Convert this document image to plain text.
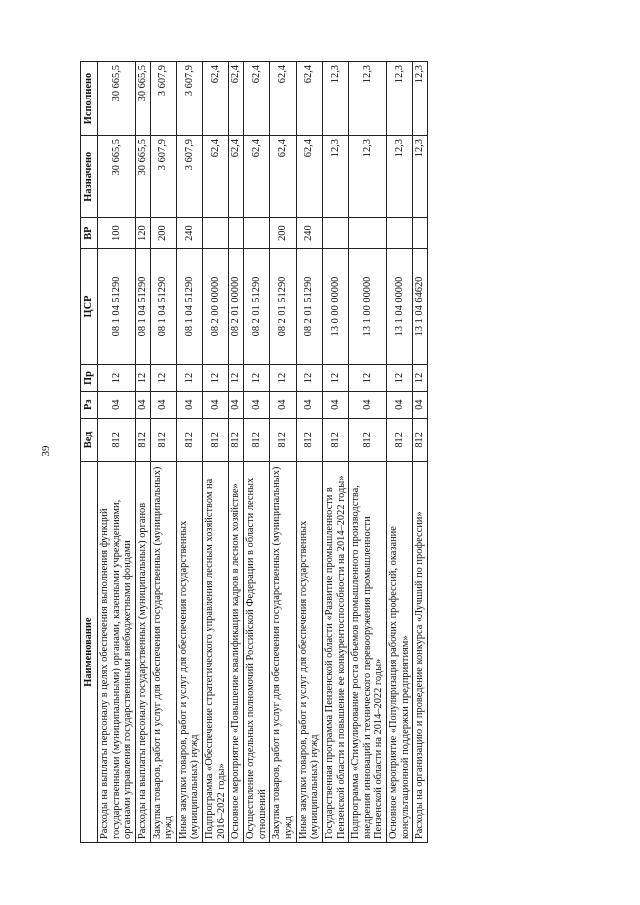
39
Наименование	Вед	Рз	Пр	ЦСР	ВР	Назначено	Исполнено
Расходы на выплаты персоналу в целях обеспечения выполнения функций государственными (муниципальными) органами, казенными учреждениями, органами управления государственными внебюджетными фондами	812	04	12	08 1 04 51290	100	30 665,5	30 665,5
Расходы на выплаты персоналу государственных (муниципальных) органов	812	04	12	08 1 04 51290	120	30 665,5	30 665,5
Закупка товаров, работ и услуг для обеспечения государственных (муниципальных) нужд	812	04	12	08 1 04 51290	200	3 607,9	3 607,9
Иные закупки товаров, работ и услуг для обеспечения государственных (муниципальных) нужд	812	04	12	08 1 04 51290	240	3 607,9	3 607,9
Подпрограмма «Обеспечение стратегического управления лесным хозяйством на 2016–2022 годы»	812	04	12	08 2 00 00000		62,4	62,4
Основное мероприятие «Повышение квалификации кадров в лесном хозяйстве»	812	04	12	08 2 01 00000		62,4	62,4
Осуществление отдельных полномочий Российской Федерации в области лесных отношений	812	04	12	08 2 01 51290		62,4	62,4
Закупка товаров, работ и услуг для обеспечения государственных (муниципальных) нужд	812	04	12	08 2 01 51290	200	62,4	62,4
Иные закупки товаров, работ и услуг для обеспечения государственных (муниципальных) нужд	812	04	12	08 2 01 51290	240	62,4	62,4
Государственная программа Пензенской области «Развитие промышленности в Пензенской области и повышение ее конкурентоспособности на 2014–2022 годы»	812	04	12	13 0 00 00000		12,3	12,3
Подпрограмма «Стимулирование роста объемов промышленного производства, внедрения инноваций и технического перевооружения промышленности Пензенской области на 2014–2022 годы»	812	04	12	13 1 00 00000		12,3	12,3
Основное мероприятие «Популяризация рабочих профессий, оказание консультационной поддержки предприятиям»	812	04	12	13 1 04 00000		12,3	12,3
Расходы на организацию и проведение конкурса «Лучший по профессии»	812	04	12	13 1 04 64620		12,3	12,3
